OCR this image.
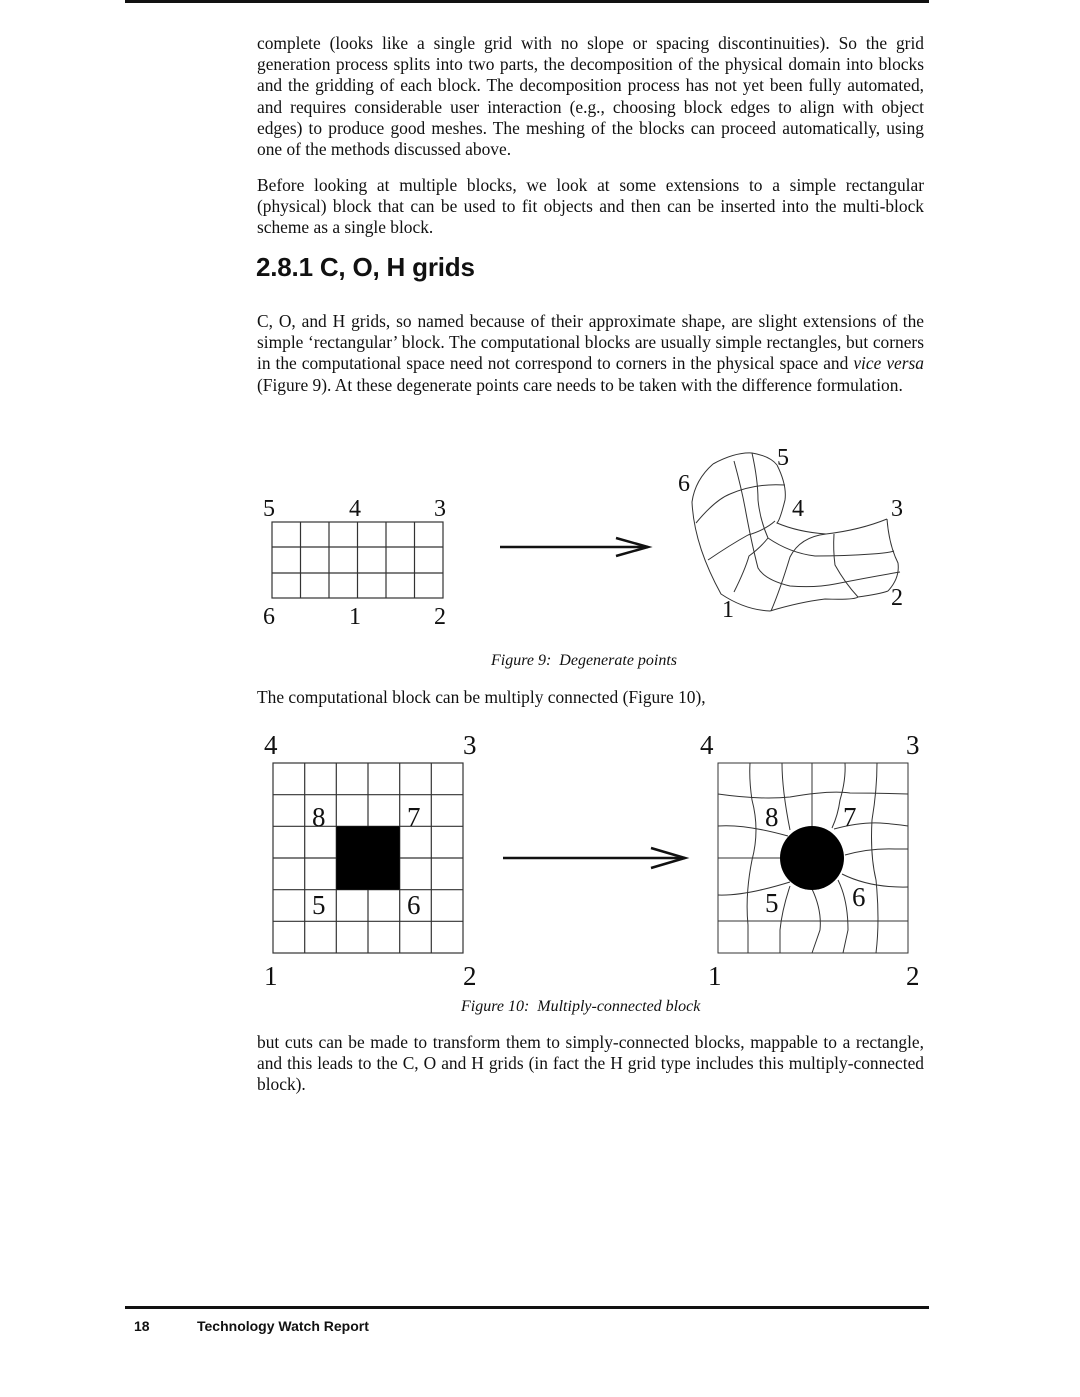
complete (looks like a single grid with no slope or spacing discontinuities). So the grid generation process splits into two parts, the decomposition of the physical domain into blocks and the gridding of each block. The decomposition process has not yet been fully automated, and requires considerable user interaction (e.g., choosing block edges to align with object edges) to produce good meshes. The meshing of the blocks can proceed automatically, using one of the methods discussed above.

Before looking at multiple blocks, we look at some extensions to a simple rectangular (physical) block that can be used to fit objects and then can be inserted into the multi-block scheme as a single block.

2.8.1 C, O, H grids

C, O, and H grids, so named because of their approximate shape, are slight extensions of the simple ‘rectangular’ block. The computational blocks are usually simple rectangles, but corners in the computational space need not correspond to corners in the physical space and vice versa (Figure 9). At these degenerate points care needs to be taken with the difference formulation.

5	4	3
6	1	2
6
5
4	3
2
1
Figure 9:  Degenerate points

The computational block can be multiply connected (Figure 10),

4	3
1	2
8	7
5	6
4	3
1	2
8 7
5	6
Figure 10:  Multiply-connected block

but cuts can be made to transform them to simply-connected blocks, mappable to a rectangle, and this leads to the C, O and H grids (in fact the H grid type includes this multiply-connected block).

18	Technology Watch Report
